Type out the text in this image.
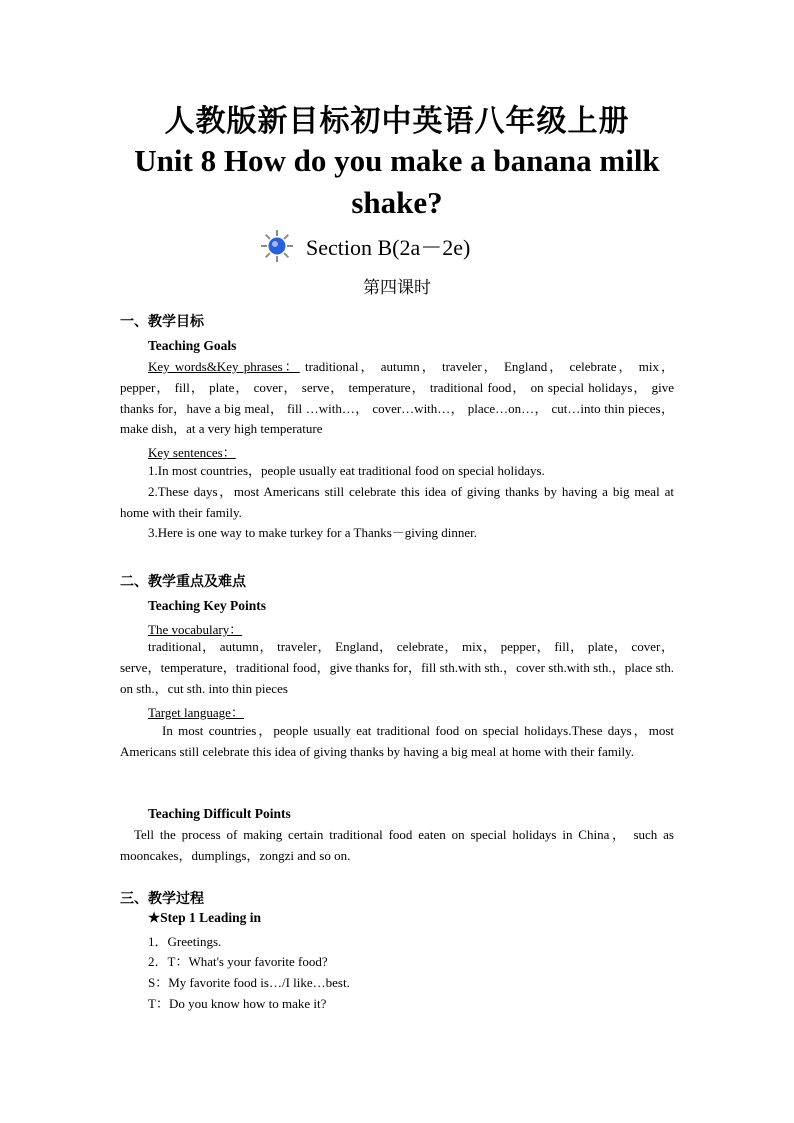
人教版新目标初中英语八年级上册
Unit 8 How do you make a banana milk shake?
Section B(2a－2e)
第四课时
一、教学目标
Teaching Goals

Key words&Key phrases： traditional， autumn， traveler， England， celebrate， mix， pepper， fill， plate， cover， serve， temperature， traditional food， on special holidays， give thanks for，have a big meal， fill …with…， cover…with…， place…on…， cut…into thin pieces，make dish，at a very high temperature

Key sentences：

1.In most countries，people usually eat traditional food on special holidays.

2.These days，most Americans still celebrate this idea of giving thanks by having a big meal at home with their family.

3.Here is one way to make turkey for a Thanks－giving dinner.

二、教学重点及难点
Teaching Key Points
The vocabulary：

traditional， autumn， traveler， England， celebrate， mix， pepper， fill， plate， cover， serve，temperature，traditional food，give thanks for，fill sth.with sth.，cover sth.with sth.，place sth. on sth.，cut sth. into thin pieces

Target language：

In most countries，people usually eat traditional food on special holidays.These days，most Americans still celebrate this idea of giving thanks by having a big meal at home with their family.

Teaching Difficult Points

Tell the process of making certain traditional food eaten on special holidays in China， such as mooncakes，dumplings，zongzi and so on.

三、教学过程
★Step 1 Leading in
1．Greetings.
2．T：What's your favorite food?
S：My favorite food is…/I like…best.
T：Do you know how to make it?
